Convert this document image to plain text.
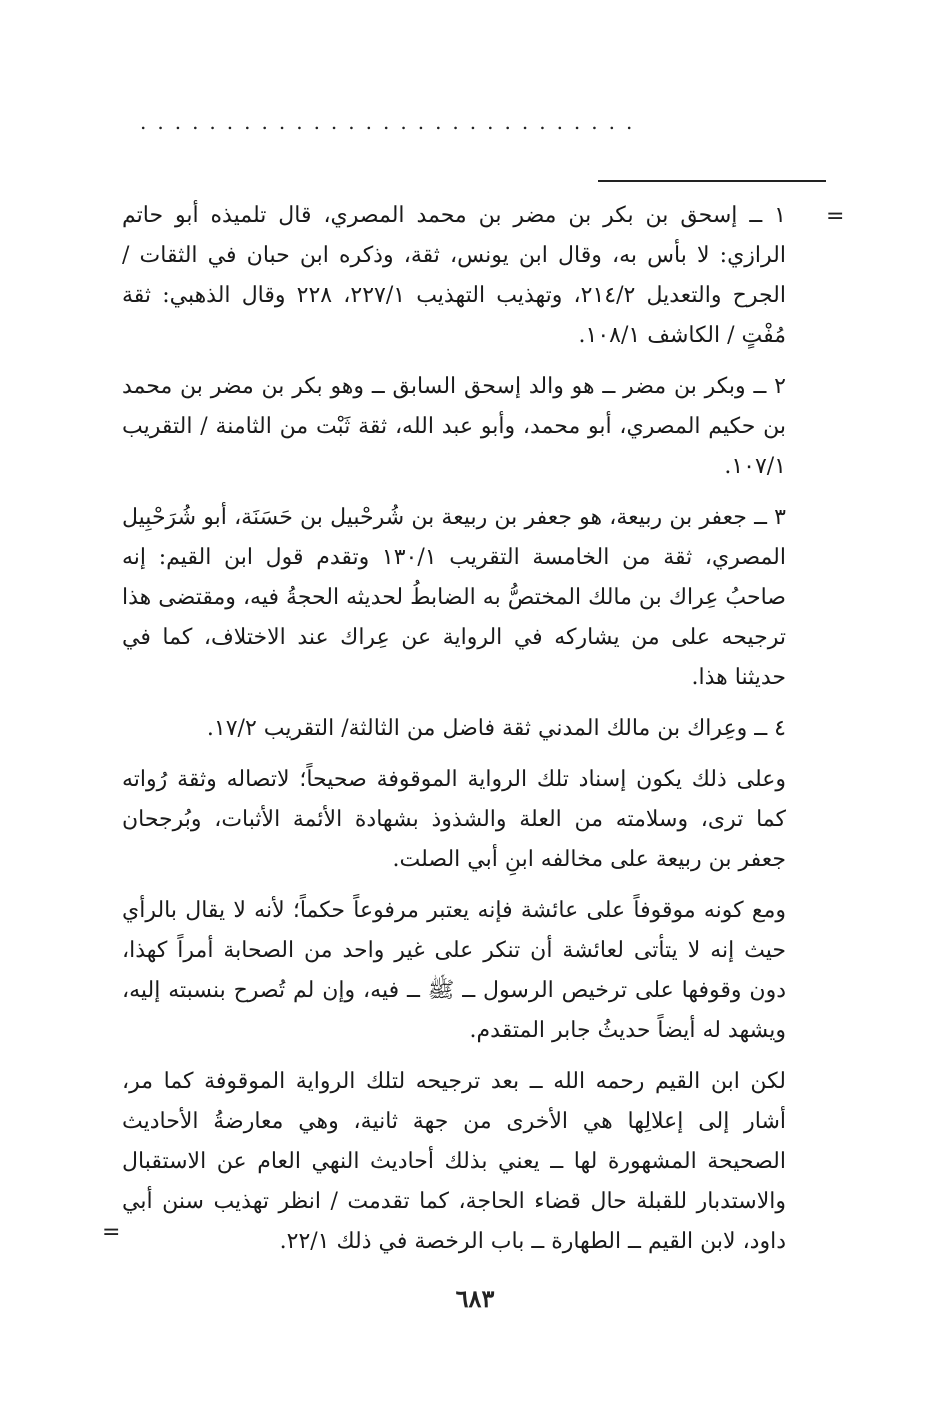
.............................
=

١ ــ إسحق بن بكر بن مضر بن محمد المصري، قال تلميذه أبو حاتم الرازي: لا بأس به، وقال ابن يونس، ثقة، وذكره ابن حبان في الثقات / الجرح والتعديل ٢١٤/٢، وتهذيب التهذيب ٢٢٧/١، ٢٢٨ وقال الذهبي: ثقة مُفْتٍ / الكاشف ١٠٨/١.

٢ ــ وبكر بن مضر ــ هو والد إسحق السابق ــ وهو بكر بن مضر بن محمد بن حكيم المصري، أبو محمد، وأبو عبد الله، ثقة ثَبْت من الثامنة / التقريب ١٠٧/١.

٣ ــ جعفر بن ربيعة، هو جعفر بن ربيعة بن شُرحْبيل بن حَسَنَة، أبو شُرَحْبِيل المصري، ثقة من الخامسة التقريب ١٣٠/١ وتقدم قول ابن القيم: إنه صاحبُ عِراك بن مالك المختصُّ به الضابطُ لحديثه الحجةُ فيه، ومقتضى هذا ترجيحه على من يشاركه في الرواية عن عِراك عند الاختلاف، كما في حديثنا هذا.

٤ ــ وعِراك بن مالك المدني ثقة فاضل من الثالثة/ التقريب ١٧/٢.

وعلى ذلك يكون إسناد تلك الرواية الموقوفة صحيحاً؛ لاتصاله وثقة رُواته كما ترى، وسلامته من العلة والشذوذ بشهادة الأئمة الأثبات، وبُرجحان جعفر بن ربيعة على مخالفه ابنِ أبي الصلت.

ومع كونه موقوفاً على عائشة فإنه يعتبر مرفوعاً حكماً؛ لأنه لا يقال بالرأي حيث إنه لا يتأتى لعائشة أن تنكر على غير واحد من الصحابة أمراً كهذا، دون وقوفها على ترخيص الرسول ــ ﷺ ــ فيه، وإن لم تُصرح بنسبته إليه، ويشهد له أيضاً حديثُ جابر المتقدم.

لكن ابن القيم رحمه الله ــ بعد ترجيحه لتلك الرواية الموقوفة كما مر، أشار إلى إعلالِها هي الأخرى من جهة ثانية، وهي معارضةُ الأحاديث الصحيحة المشهورة لها ــ يعني بذلك أحاديث النهي العام عن الاستقبال والاستدبار للقبلة حال قضاء الحاجة، كما تقدمت / انظر تهذيب سنن أبي داود، لابن القيم ــ الطهارة ــ باب الرخصة في ذلك ٢٢/١.

=
٦٨٣
